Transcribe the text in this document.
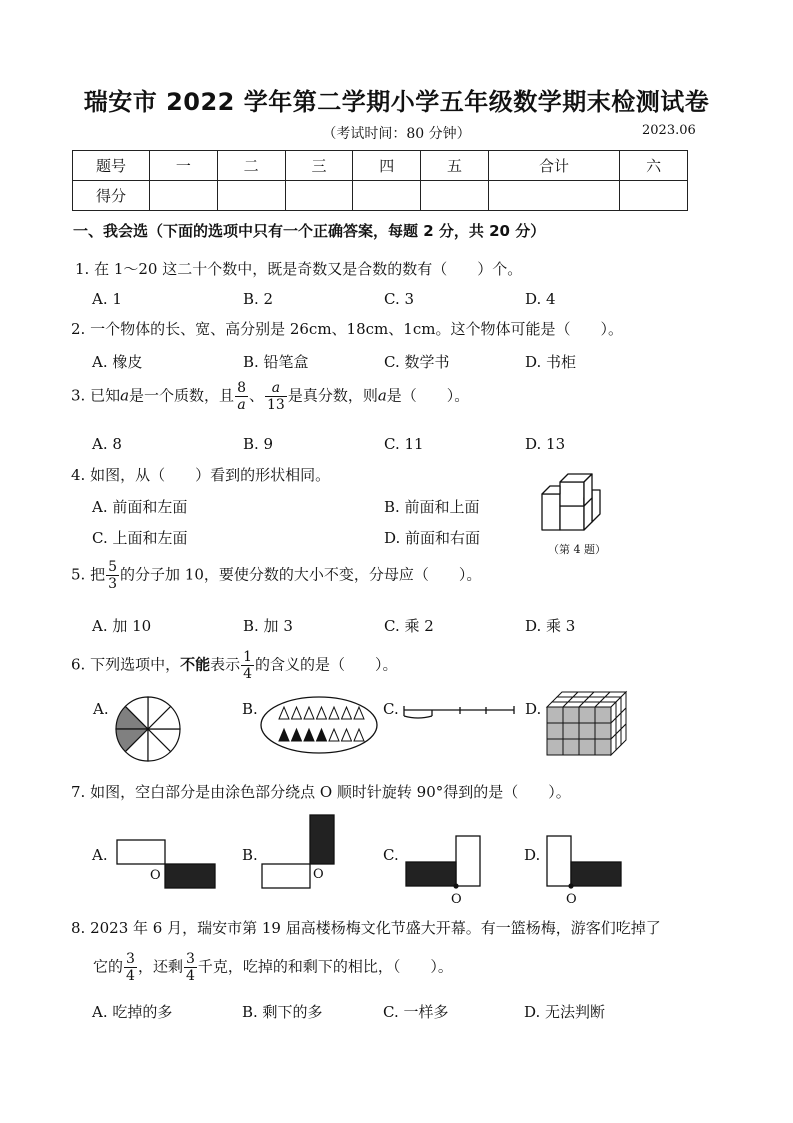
瑞安市 2022 学年第二学期小学五年级数学期末检测试卷
（考试时间：80 分钟）	2023.06
题号	一	二	三	四	五	合计	六
得分							
一、我会选（下面的选项中只有一个正确答案，每题 2 分，共 20 分）
1. 在 1～20 这二十个数中，既是奇数又是合数的数有（　　）个。
A. 1	B. 2	C. 3	D. 4
2. 一个物体的长、宽、高分别是 26cm、18cm、1cm。这个物体可能是（　　）。
A. 橡皮	B. 铅笔盒	C. 数学书	D. 书柜
3. 已知a是一个质数，且 $\frac{8}{a}$ 、 $\frac{a}{13}$ 是真分数，则a是（　　）。
A. 8	B. 9	C. 11	D. 13
4. 如图，从（　　）看到的形状相同。
A. 前面和左面	B. 前面和上面
C. 上面和左面	D. 前面和右面
（第 4 题）
5. 把 $\frac{5}{3}$ 的分子加 10，要使分数的大小不变，分母应（　　）。
A. 加 10	B. 加 3	C. 乘 2	D. 乘 3
6. 下列选项中，不能表示 $\frac{1}{4}$ 的含义的是（　　）。
A.	B.	C.	D.
7. 如图，空白部分是由涂色部分绕点 O 顺时针旋转 90°得到的是（　　）。
A.	B.	C.	D.
O	O
O	O
8. 2023 年 6 月，瑞安市第 19 届高楼杨梅文化节盛大开幕。有一篮杨梅，游客们吃掉了
它的 $\frac{3}{4}$ ，还剩 $\frac{3}{4}$ 千克，吃掉的和剩下的相比，（　　）。
A. 吃掉的多	B. 剩下的多	C. 一样多	D. 无法判断
